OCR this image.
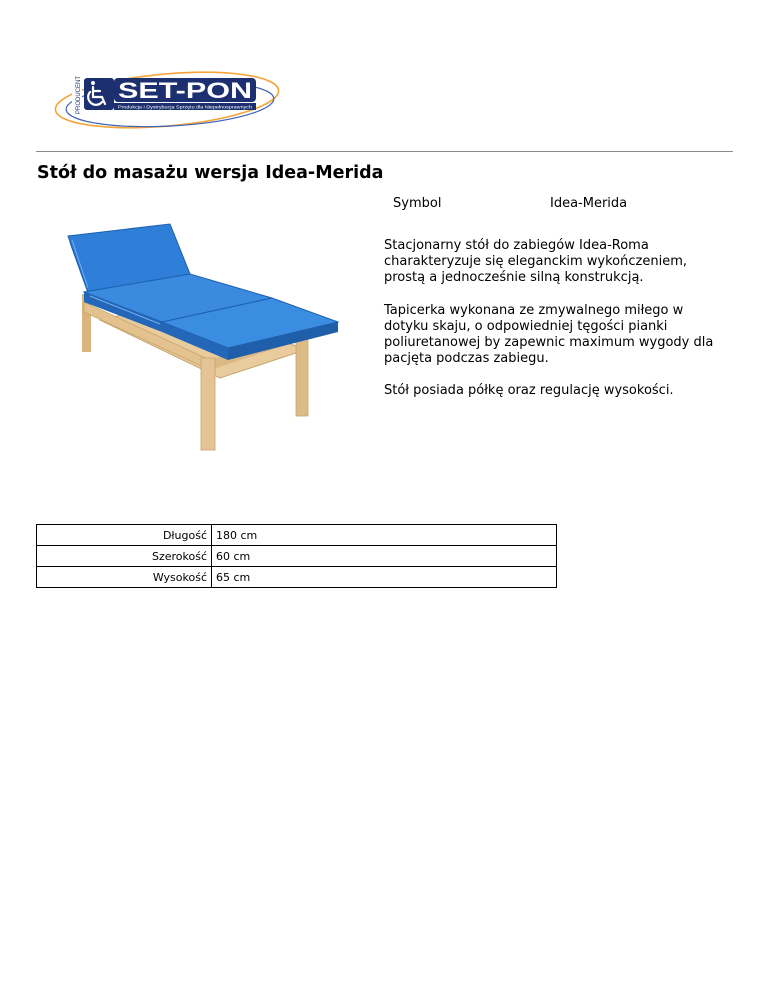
PRODUCENT SET-PON
Produkcja i Dystrybucja Sprzętu dla Niepełnosprawnych
Stół do masażu wersja Idea-Merida
Symbol	Idea-Merida

Stacjonarny stół do zabiegów Idea-Roma charakteryzuje się eleganckim wykończeniem, prostą a jednocześnie silną konstrukcją.

Tapicerka wykonana ze zmywalnego miłego w dotyku skaju, o odpowiedniej tęgości pianki poliuretanowej by zapewnic maximum wygody dla pacjęta podczas zabiegu.

Stół posiada półkę oraz regulację wysokości.

Długość	180 cm
Szerokość	60 cm
Wysokość	65 cm
